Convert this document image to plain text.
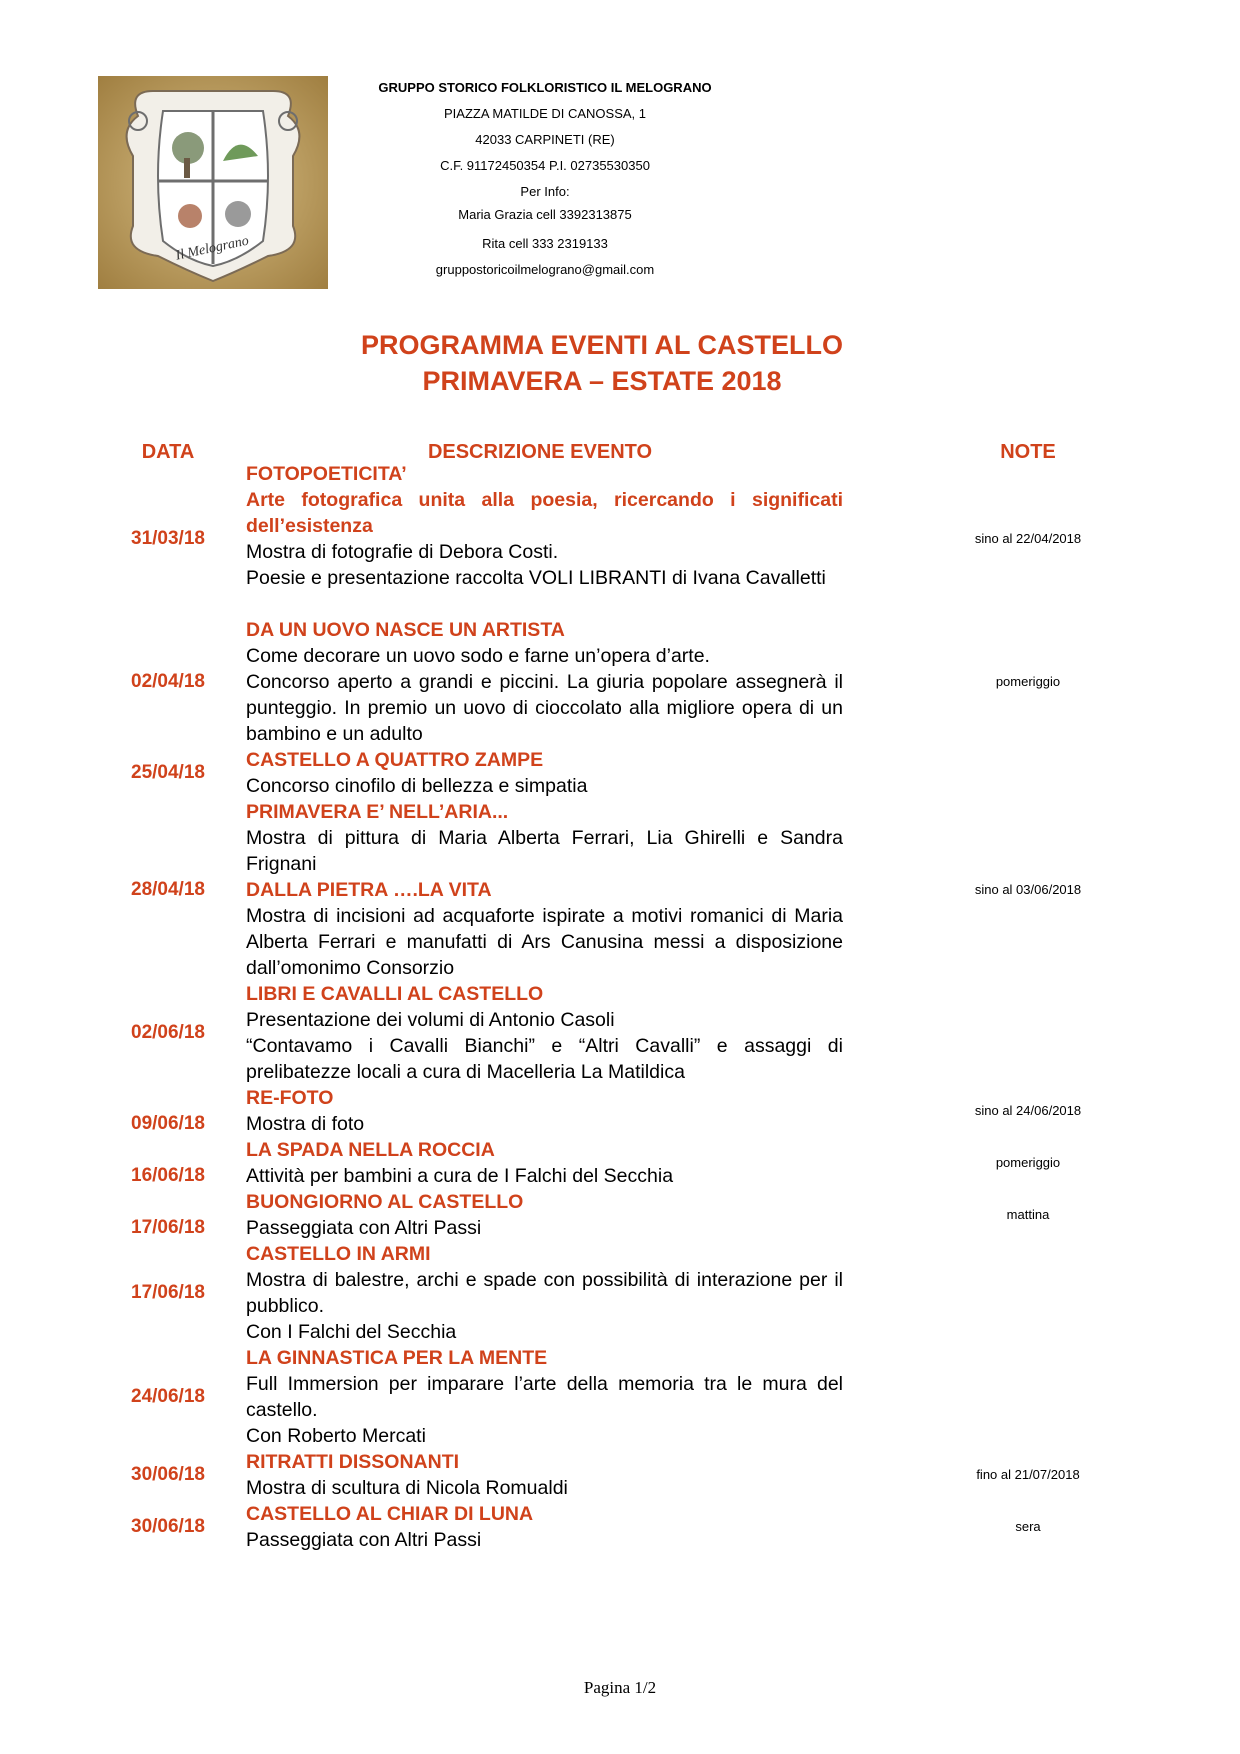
Il Melograno
GRUPPO STORICO FOLKLORISTICO IL MELOGRANO
PIAZZA MATILDE DI CANOSSA, 1
42033 CARPINETI (RE)
C.F. 91172450354 P.I. 02735530350
Per Info:
Maria Grazia cell 3392313875
Rita cell 333 2319133
gruppostoricoilmelograno@gmail.com
PROGRAMMA EVENTI AL CASTELLO
PRIMAVERA – ESTATE 2018
DATA	DESCRIZIONE EVENTO	NOTE
31/03/18
FOTOPOETICITA’
Arte fotografica unita alla poesia, ricercando i significati dell’esistenza
Mostra di fotografie di Debora Costi.
Poesie e presentazione raccolta VOLI LIBRANTI di Ivana Cavalletti
sino al 22/04/2018
02/04/18
DA UN UOVO NASCE UN ARTISTA
Come decorare un uovo sodo e farne un’opera d’arte.
Concorso aperto a grandi e piccini. La giuria popolare assegnerà il punteggio. In premio un uovo di cioccolato alla migliore opera di un bambino e un adulto
pomeriggio
25/04/18
CASTELLO A QUATTRO ZAMPE
Concorso cinofilo di bellezza e simpatia
28/04/18
PRIMAVERA E’ NELL’ARIA...
Mostra di pittura di Maria Alberta Ferrari, Lia Ghirelli e Sandra Frignani
DALLA PIETRA ….LA VITA
Mostra di incisioni ad acquaforte ispirate a motivi romanici di Maria Alberta Ferrari e manufatti di Ars Canusina messi a disposizione dall’omonimo Consorzio
sino al 03/06/2018
02/06/18
LIBRI E CAVALLI AL CASTELLO
Presentazione dei volumi di Antonio Casoli
“Contavamo i Cavalli Bianchi” e “Altri Cavalli” e assaggi di prelibatezze locali a cura di Macelleria La Matildica
09/06/18
RE-FOTO
Mostra di foto
sino al 24/06/2018
16/06/18
LA SPADA NELLA ROCCIA
Attività per bambini a cura de I Falchi del Secchia
pomeriggio
17/06/18
BUONGIORNO AL CASTELLO
Passeggiata con Altri Passi
mattina
17/06/18
CASTELLO IN ARMI
Mostra di balestre, archi e spade con possibilità di interazione per il pubblico.
Con I Falchi del Secchia
24/06/18
LA GINNASTICA PER LA MENTE
Full Immersion per imparare l’arte della memoria tra le mura del castello.
Con Roberto Mercati
30/06/18
RITRATTI DISSONANTI
Mostra di scultura di Nicola Romualdi
fino al 21/07/2018
30/06/18
CASTELLO AL CHIAR DI LUNA
Passeggiata con Altri Passi
sera
Pagina 1/2
